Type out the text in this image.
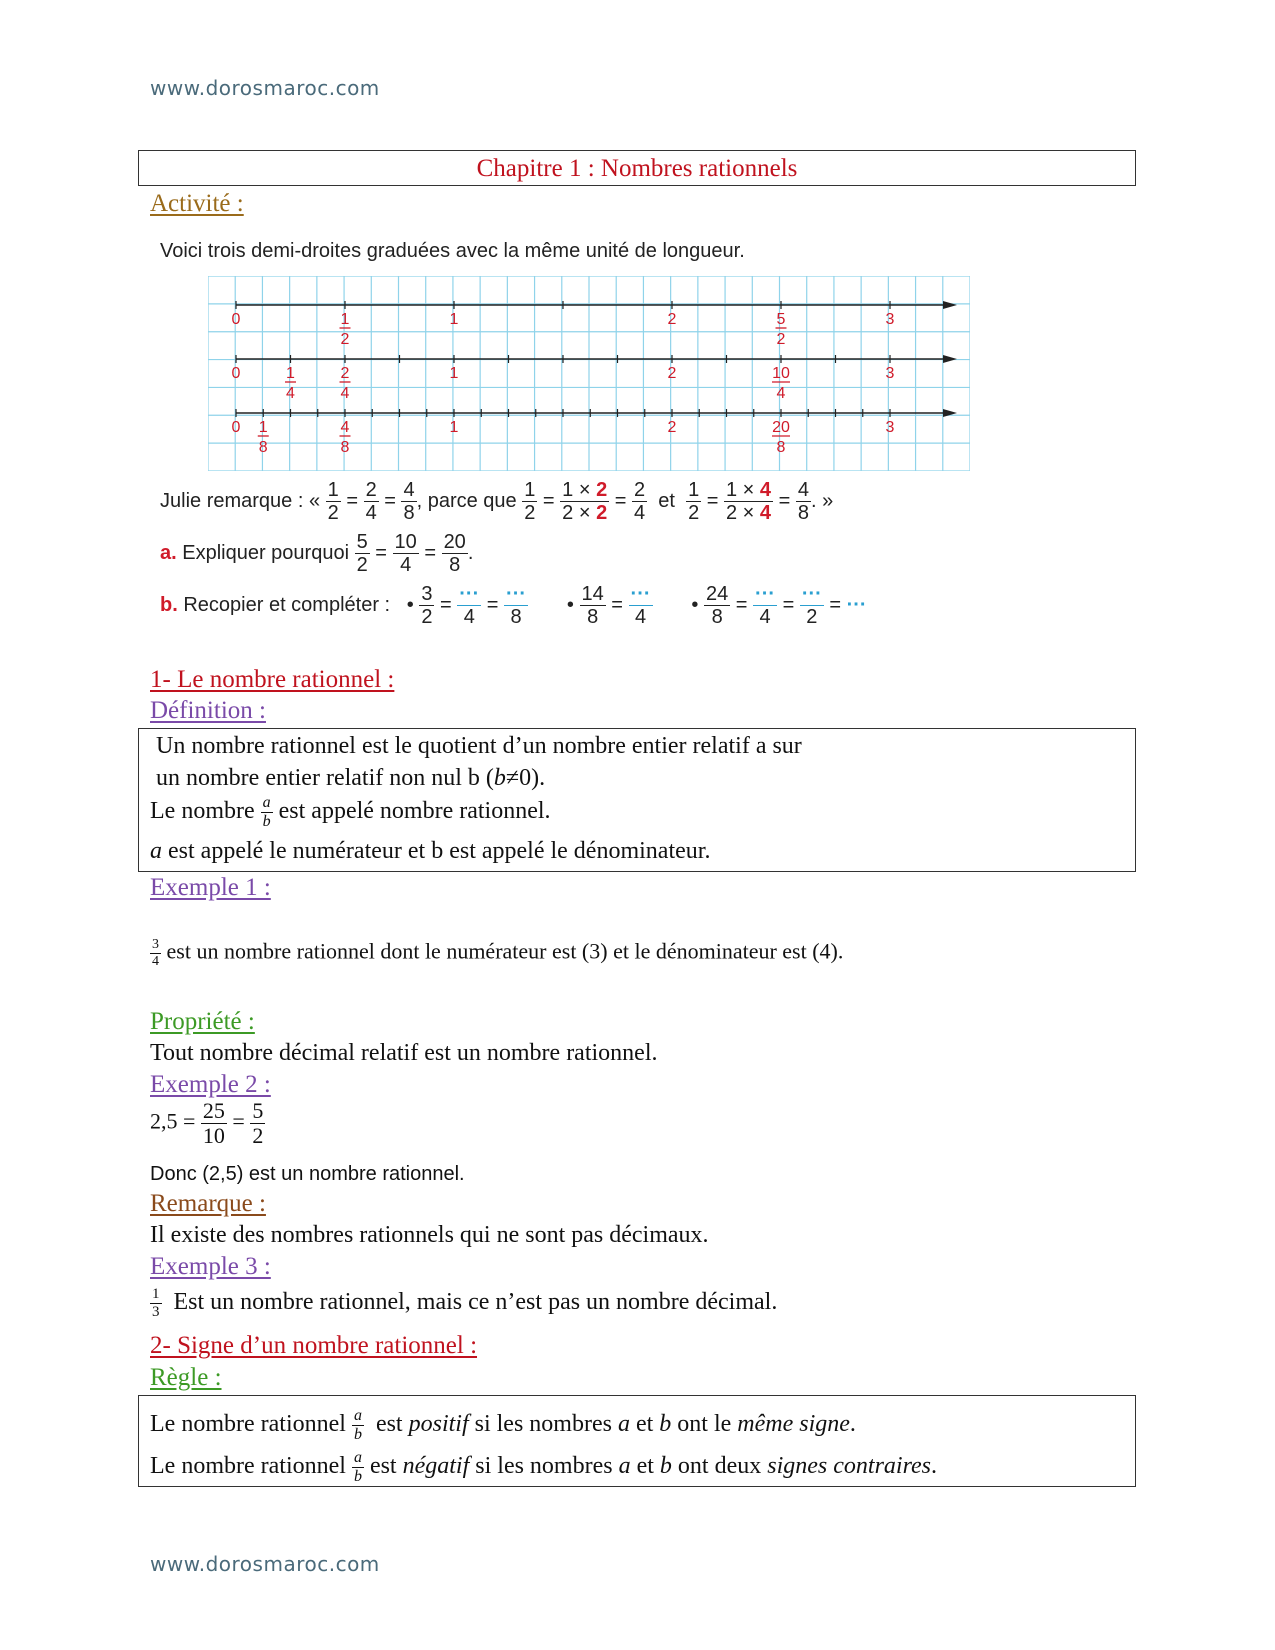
www.dorosmaroc.com
Chapitre 1 : Nombres rationnels
Activité :
Voici trois demi-droites graduées avec la même unité de longueur.
0	1
2
1	2	5
2
3
0	1
4
2
4
1	2	10
4
3
0 1
8
4
8
1	2	20
8
3
Julie remarque : « $\frac{1}{2} = \frac{2}{4} = \frac{4}{8}$ , parce que $\frac{1}{2} = \frac{1 \times 2}{2 \times 2} = \frac{2}{4}$ et $\frac{1}{2} = \frac{1 \times 4}{2 \times 4} = \frac{4}{8}$ . »
a. Expliquer pourquoi $\frac{5}{2} = \frac{10}{4} = \frac{20}{8}$ .
b. Recopier et compléter :   • $\frac{3}{2} = \frac{\cdot\cdot\cdot}{4} = \frac{\cdot\cdot\cdot}{8}$ • $\frac{14}{8} = \frac{\cdot\cdot\cdot}{4}$ • $\frac{24}{8} = \frac{\cdot\cdot\cdot}{4} = \frac{\cdot\cdot\cdot}{2}$ = ···
1- Le nombre rationnel :
Définition :
Un nombre rationnel est le quotient d’un nombre entier relatif a sur
un nombre entier relatif non nul b (b≠0).
Le nombre $\frac{a}{b}$ est appelé nombre rationnel.
a est appelé le numérateur et b est appelé le dénominateur.
Exemple 1 :
$\frac{3}{4}$ est un nombre rationnel dont le numérateur est (3) et le dénominateur est (4).
Propriété :
Tout nombre décimal relatif est un nombre rationnel.
Exemple 2 :
$2,5 = \frac{25}{10} = \frac{5}{2}$
Donc (2,5) est un nombre rationnel.
Remarque :
Il existe des nombres rationnels qui ne sont pas décimaux.
Exemple 3 :
$\frac{1}{3}$ Est un nombre rationnel, mais ce n’est pas un nombre décimal.
2- Signe d’un nombre rationnel :
Règle :
Le nombre rationnel $\frac{a}{b}$ est positif si les nombres a et b ont le même signe.
Le nombre rationnel $\frac{a}{b}$ est négatif si les nombres a et b ont deux signes contraires.
www.dorosmaroc.com
